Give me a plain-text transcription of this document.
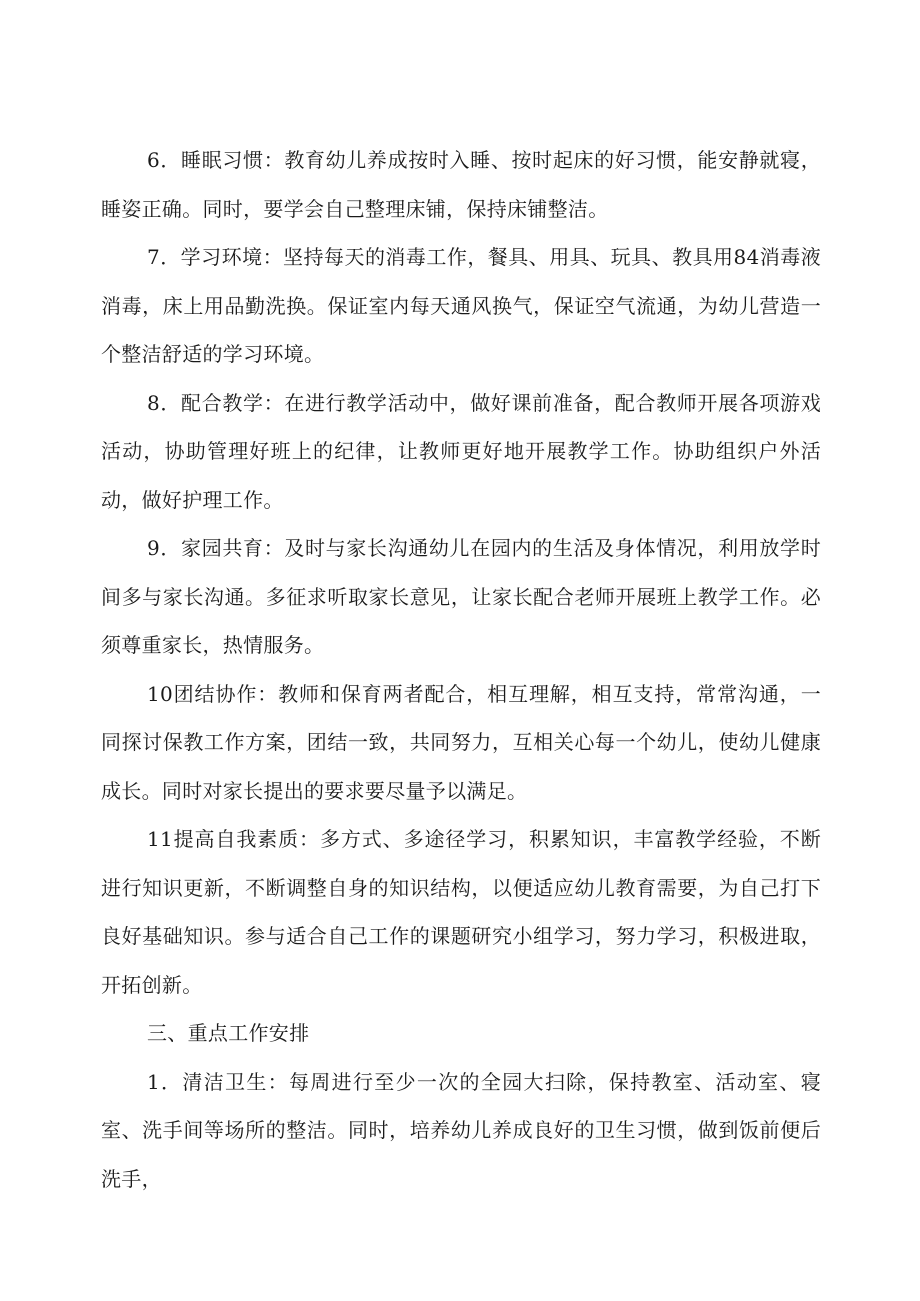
6．睡眠习惯：教育幼儿养成按时入睡、按时起床的好习惯，能安静就寝，睡姿正确。同时，要学会自己整理床铺，保持床铺整洁。

7．学习环境：坚持每天的消毒工作，餐具、用具、玩具、教具用84消毒液消毒，床上用品勤洗换。保证室内每天通风换气，保证空气流通，为幼儿营造一个整洁舒适的学习环境。

8．配合教学：在进行教学活动中，做好课前准备，配合教师开展各项游戏活动，协助管理好班上的纪律，让教师更好地开展教学工作。协助组织户外活动，做好护理工作。

9．家园共育：及时与家长沟通幼儿在园内的生活及身体情况，利用放学时间多与家长沟通。多征求听取家长意见，让家长配合老师开展班上教学工作。必须尊重家长，热情服务。

10团结协作：教师和保育两者配合，相互理解，相互支持，常常沟通，一同探讨保教工作方案，团结一致，共同努力，互相关心每一个幼儿，使幼儿健康成长。同时对家长提出的要求要尽量予以满足。

11提高自我素质：多方式、多途径学习，积累知识，丰富教学经验，不断进行知识更新，不断调整自身的知识结构，以便适应幼儿教育需要，为自己打下良好基础知识。参与适合自己工作的课题研究小组学习，努力学习，积极进取，开拓创新。

三、重点工作安排

1．清洁卫生：每周进行至少一次的全园大扫除，保持教室、活动室、寝室、洗手间等场所的整洁。同时，培养幼儿养成良好的卫生习惯，做到饭前便后洗手，
